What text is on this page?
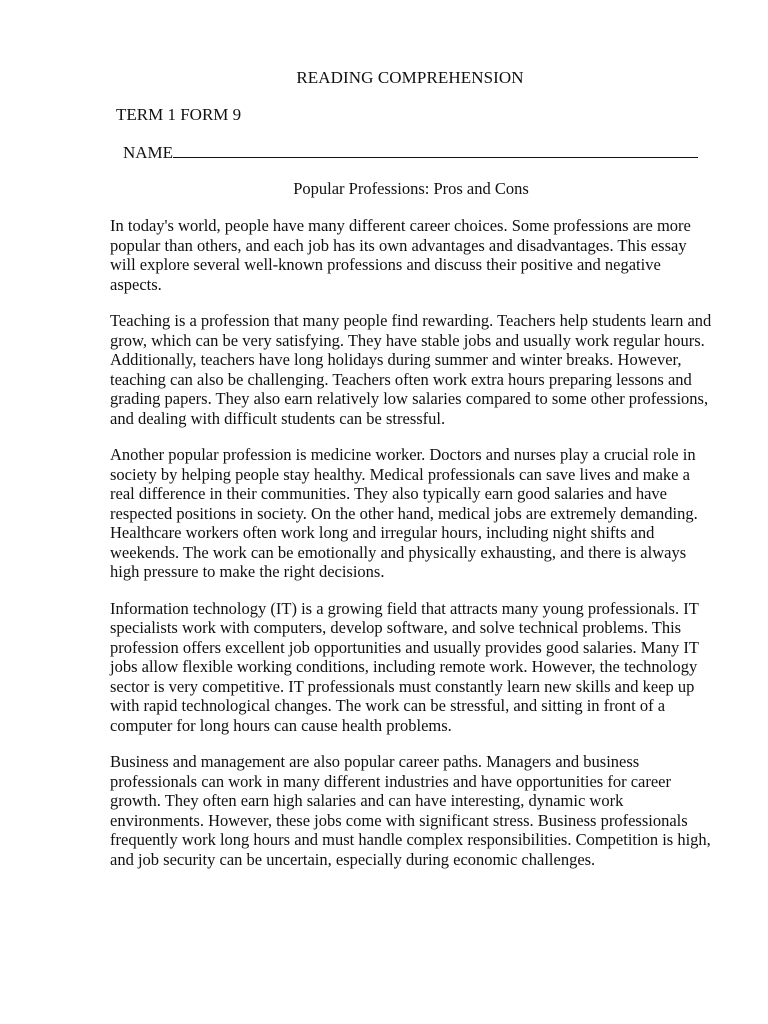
READING COMPREHENSION

TERM 1 FORM 9

NAME

Popular Professions: Pros and Cons

In today's world, people have many different career choices. Some professions are more popular than others, and each job has its own advantages and disadvantages. This essay will explore several well-known professions and discuss their positive and negative aspects.

Teaching is a profession that many people find rewarding. Teachers help students learn and grow, which can be very satisfying. They have stable jobs and usually work regular hours. Additionally, teachers have long holidays during summer and winter breaks. However, teaching can also be challenging. Teachers often work extra hours preparing lessons and grading papers. They also earn relatively low salaries compared to some other professions, and dealing with difficult students can be stressful.

Another popular profession is medicine worker. Doctors and nurses play a crucial role in society by helping people stay healthy. Medical professionals can save lives and make a real difference in their communities. They also typically earn good salaries and have respected positions in society. On the other hand, medical jobs are extremely demanding. Healthcare workers often work long and irregular hours, including night shifts and weekends. The work can be emotionally and physically exhausting, and there is always high pressure to make the right decisions.

Information technology (IT) is a growing field that attracts many young professionals. IT specialists work with computers, develop software, and solve technical problems. This profession offers excellent job opportunities and usually provides good salaries. Many IT jobs allow flexible working conditions, including remote work. However, the technology sector is very competitive. IT professionals must constantly learn new skills and keep up with rapid technological changes. The work can be stressful, and sitting in front of a computer for long hours can cause health problems.

Business and management are also popular career paths. Managers and business professionals can work in many different industries and have opportunities for career growth. They often earn high salaries and can have interesting, dynamic work environments. However, these jobs come with significant stress. Business professionals frequently work long hours and must handle complex responsibilities. Competition is high, and job security can be uncertain, especially during economic challenges.
